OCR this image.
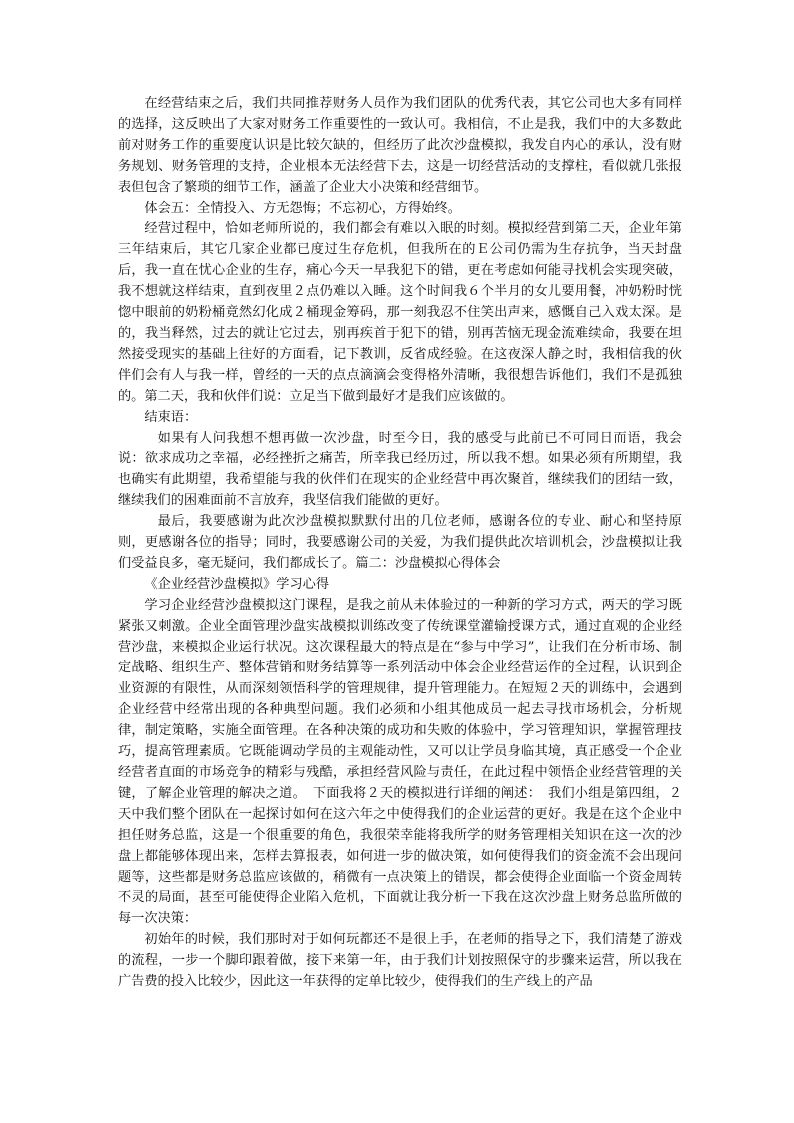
在经营结束之后，我们共同推荐财务人员作为我们团队的优秀代表，其它公司也大多有同样的选择，这反映出了大家对财务工作重要性的一致认可。我相信，不止是我，我们中的大多数此前对财务工作的重要度认识是比较欠缺的，但经历了此次沙盘模拟，我发自内心的承认，没有财务规划、财务管理的支持，企业根本无法经营下去，这是一切经营活动的支撑柱，看似就几张报表但包含了繁琐的细节工作，涵盖了企业大小决策和经营细节。

体会五：全情投入、方无怨悔；不忘初心，方得始终。

经营过程中，恰如老师所说的，我们都会有难以入眠的时刻。模拟经营到第二天，企业年第三年结束后，其它几家企业都已度过生存危机，但我所在的Ｅ公司仍需为生存抗争，当天封盘后，我一直在忧心企业的生存，痛心今天一早我犯下的错，更在考虑如何能寻找机会实现突破，我不想就这样结束，直到夜里２点仍难以入睡。这个时间我６个半月的女儿要用餐，冲奶粉时恍惚中眼前的奶粉桶竟然幻化成２桶现金筹码，那一刻我忍不住笑出声来，感慨自己入戏太深。是的，我当释然，过去的就让它过去，别再疾首于犯下的错，别再苦恼无现金流难续命，我要在坦然接受现实的基础上往好的方面看，记下教训，反省成经验。在这夜深人静之时，我相信我的伙伴们会有人与我一样，曾经的一天的点点滴滴会变得格外清晰，我很想告诉他们，我们不是孤独的。第二天，我和伙伴们说：立足当下做到最好才是我们应该做的。

结束语：

如果有人问我想不想再做一次沙盘，时至今日，我的感受与此前已不可同日而语，我会说：欲求成功之幸福，必经挫折之痛苦，所幸我已经历过，所以我不想。如果必须有所期望，我也确实有此期望，我希望能与我的伙伴们在现实的企业经营中再次聚首，继续我们的团结一致，继续我们的困难面前不言放弃，我坚信我们能做的更好。

最后，我要感谢为此次沙盘模拟默默付出的几位老师，感谢各位的专业、耐心和坚持原则，更感谢各位的指导；同时，我要感谢公司的关爱，为我们提供此次培训机会，沙盘模拟让我们受益良多，毫无疑问，我们都成长了。篇二：沙盘模拟心得体会

《企业经营沙盘模拟》学习心得

学习企业经营沙盘模拟这门课程，是我之前从未体验过的一种新的学习方式，两天的学习既紧张又刺激。企业全面管理沙盘实战模拟训练改变了传统课堂灌输授课方式，通过直观的企业经营沙盘，来模拟企业运行状况。这次课程最大的特点是在“参与中学习”，让我们在分析市场、制定战略、组织生产、整体营销和财务结算等一系列活动中体会企业经营运作的全过程，认识到企业资源的有限性，从而深刻领悟科学的管理规律，提升管理能力。在短短２天的训练中，会遇到企业经营中经常出现的各种典型问题。我们必须和小组其他成员一起去寻找市场机会，分析规律，制定策略，实施全面管理。在各种决策的成功和失败的体验中，学习管理知识，掌握管理技巧，提高管理素质。它既能调动学员的主观能动性，又可以让学员身临其境，真正感受一个企业经营者直面的市场竞争的精彩与残酷，承担经营风险与责任，在此过程中领悟企业经营管理的关键，了解企业管理的解决之道。　下面我将２天的模拟进行详细的阐述：　我们小组是第四组，２天中我们整个团队在一起探讨如何在这六年之中使得我们的企业运营的更好。我是在这个企业中担任财务总监，这是一个很重要的角色，我很荣幸能将我所学的财务管理相关知识在这一次的沙盘上都能够体现出来，怎样去算报表，如何进一步的做决策，如何使得我们的资金流不会出现问题等，这些都是财务总监应该做的，稍微有一点决策上的错误，都会使得企业面临一个资金周转不灵的局面，甚至可能使得企业陷入危机，下面就让我分析一下我在这次沙盘上财务总监所做的每一次决策：

初始年的时候，我们那时对于如何玩都还不是很上手，在老师的指导之下，我们清楚了游戏的流程，一步一个脚印跟着做，接下来第一年，由于我们计划按照保守的步骤来运营，所以我在广告费的投入比较少，因此这一年获得的定单比较少，使得我们的生产线上的产品
